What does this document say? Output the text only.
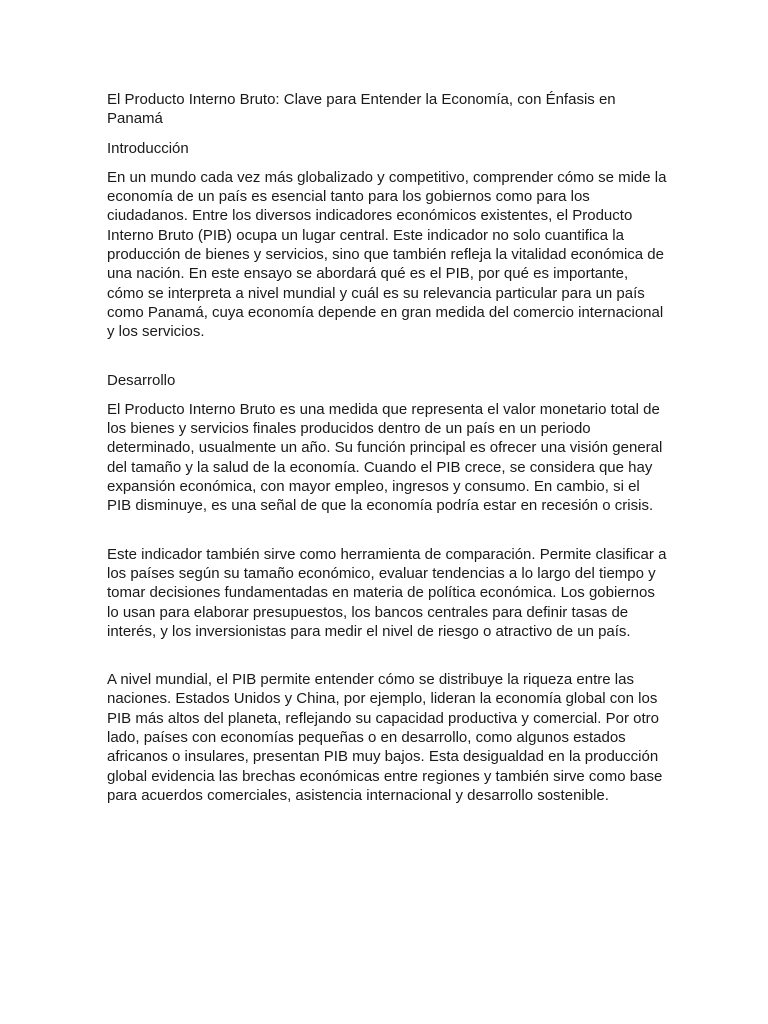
El Producto Interno Bruto: Clave para Entender la Economía, con Énfasis en Panamá

Introducción

En un mundo cada vez más globalizado y competitivo, comprender cómo se mide la economía de un país es esencial tanto para los gobiernos como para los ciudadanos. Entre los diversos indicadores económicos existentes, el Producto Interno Bruto (PIB) ocupa un lugar central. Este indicador no solo cuantifica la producción de bienes y servicios, sino que también refleja la vitalidad económica de una nación. En este ensayo se abordará qué es el PIB, por qué es importante, cómo se interpreta a nivel mundial y cuál es su relevancia particular para un país como Panamá, cuya economía depende en gran medida del comercio internacional y los servicios.

Desarrollo

El Producto Interno Bruto es una medida que representa el valor monetario total de los bienes y servicios finales producidos dentro de un país en un periodo determinado, usualmente un año. Su función principal es ofrecer una visión general del tamaño y la salud de la economía. Cuando el PIB crece, se considera que hay expansión económica, con mayor empleo, ingresos y consumo. En cambio, si el PIB disminuye, es una señal de que la economía podría estar en recesión o crisis.

Este indicador también sirve como herramienta de comparación. Permite clasificar a los países según su tamaño económico, evaluar tendencias a lo largo del tiempo y tomar decisiones fundamentadas en materia de política económica. Los gobiernos lo usan para elaborar presupuestos, los bancos centrales para definir tasas de interés, y los inversionistas para medir el nivel de riesgo o atractivo de un país.

A nivel mundial, el PIB permite entender cómo se distribuye la riqueza entre las naciones. Estados Unidos y China, por ejemplo, lideran la economía global con los PIB más altos del planeta, reflejando su capacidad productiva y comercial. Por otro lado, países con economías pequeñas o en desarrollo, como algunos estados africanos o insulares, presentan PIB muy bajos. Esta desigualdad en la producción global evidencia las brechas económicas entre regiones y también sirve como base para acuerdos comerciales, asistencia internacional y desarrollo sostenible.
